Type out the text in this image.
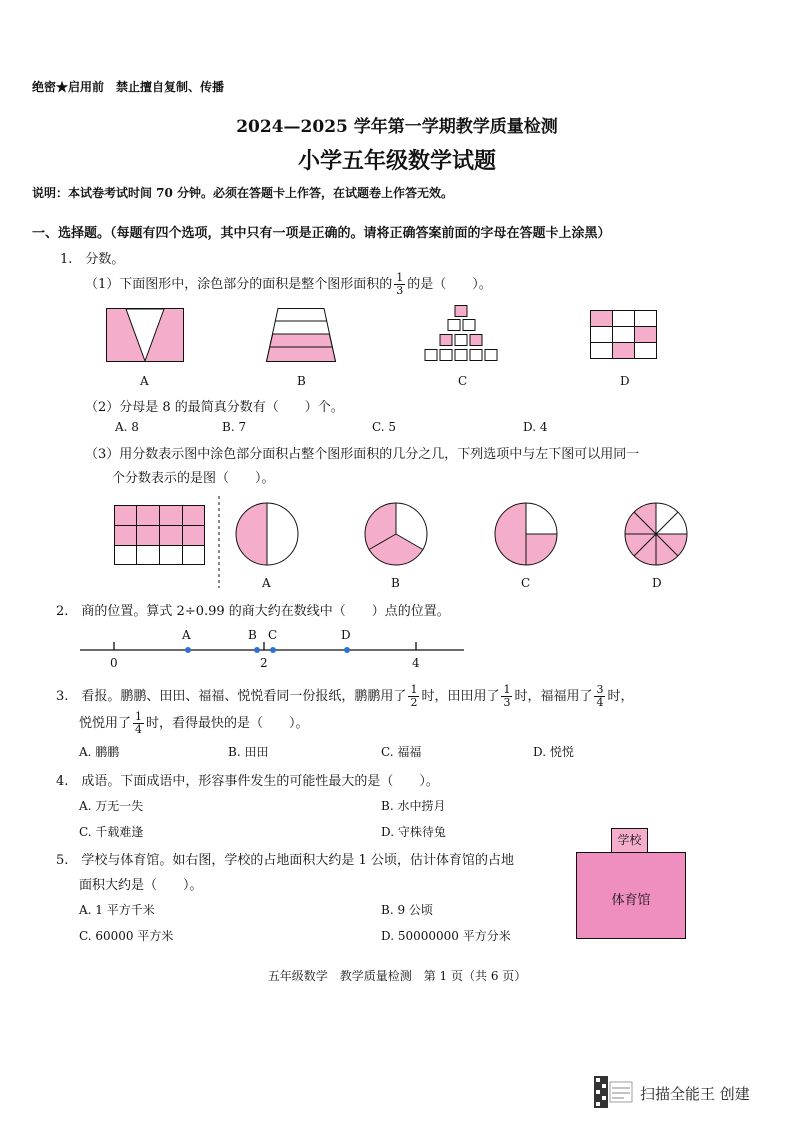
绝密★启用前　 禁止擅自复制、传播
2024—2025 学年第一学期教学质量检测
小学五年级数学试题
说明：本试卷考试时间 70 分钟。必须在答题卡上作答，在试题卷上作答无效。
一、选择题。（每题有四个选项，其中只有一项是正确的。请将正确答案前面的字母在答题卡上涂黑）
1.　 分数。
（1）下面图形中，涂色部分的面积是整个图形面积的 $\frac{1}{3}$ 的是（　　）。
A	B	C	D
（2）分母是 8 的最简真分数有（　　）个。
A. 8	B. 7	C. 5	D. 4
（3）用分数表示图中涂色部分面积占整个图形面积的几分之几，下列选项中与左下图可以用同一
个分数表示的是图（　　）。
A	B	C	D
2.　 商的位置。算式 2÷0.99 的商大约在数线中（　　）点的位置。
A	B C	D
0	2	4
3.　 看报。鹏鹏、田田、福福、悦悦看同一份报纸，鹏鹏用了 $\frac{1}{2}$ 时，田田用了 $\frac{1}{3}$ 时，福福用了 $\frac{3}{4}$ 时，
悦悦用了 $\frac{1}{4}$ 时，看得最快的是（　　）。
A. 鹏鹏	B. 田田	C. 福福	D. 悦悦
4.　 成语。下面成语中，形容事件发生的可能性最大的是（　　）。
A. 万无一失	B. 水中捞月
C. 千载难逢	D. 守株待兔
5.　 学校与体育馆。如右图，学校的占地面积大约是 1 公顷，估计体育馆的占地
面积大约是（　　）。
A. 1 平方千米	B. 9 公顷
C. 60000 平方米	D. 50000000 平方分米
体育馆
学校
五年级数学　教学质量检测　第 1 页（共 6 页）
扫描全能王 创建
